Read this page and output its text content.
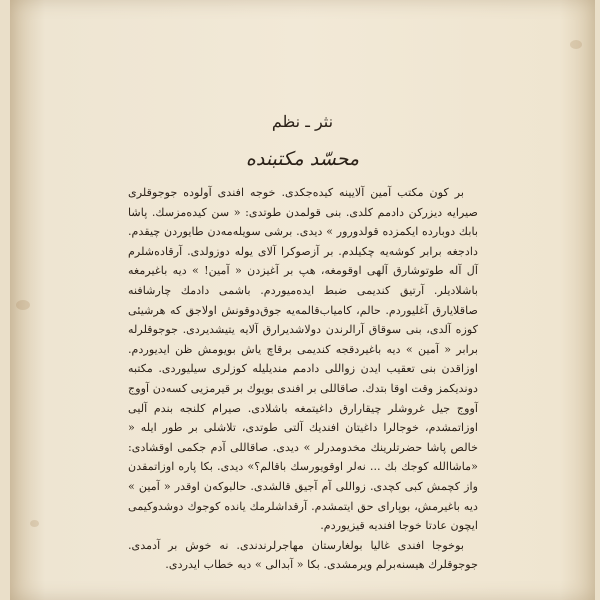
نثر ـ نظم
محسّد مکتبنده

بر كون مكتب آمين آلايينه كيده‌جكدى. خوجه افندى آولوده جوجوقلرى صيرايه ديزركن دادمم كلدى. بنى قولمدن طوتدى: « سن كيده‌مزسك. پاشا بابك دوبارده ايكمزده قولدورور » ديدى. برشى سويله‌مه‌دن طايوردن چيقدم. دادجغه برابر كوشه‌يه چكيلدم. بر آزصوكرا آلاى يوله دوزولدى. آرقاده‌شلرم آل آله طوتوشارق آلهى اوقومغه، هپ بر آغيزدن « آمين! » ديه باغيرمغه باشلاديلر. آرتيق كنديمى ضبط ايده‌ميوردم. باشمى دادمك چارشافنه صاقلايارق آغليوردم. حالم، كامياب‌قالمه‌يه جوق‌دوقونش اولاجق كه هرشيئى كوزه آلدى، بنى سوقاق آرالرندن دولاشديرارق آلايه يتيشديردى. جوجوقلرله برابر « آمين » ديه باغيردقجه كنديمى برقاچ ياش بويومش ظن ايديوردم. اوزاقدن بنى تعقيب ايدن زواللى دادمم منديليله كوزلرى سيليوردى. مكتبه دونديكمز وقت اوقا بتدك. صاقاللى بر افندى بويوك بر قيرمزيى كسه‌دن آووج آووج جيل غروشلر چيقارارق داغيتمغه باشلادى. صيرام كلنجه بندم آليى اوزاتمشدم، خوجالرا داغيتان افنديك آلتى طوتدى، تلاشلى بر طور ايله « خالص پاشا حضرتلرينك مخدومدرلر » ديدى. صاقاللى آدم جكمى اوقشادى: «ماشاالله كوجك بك ... نه‌لر اوقويورسك باقالم؟» ديدى. بكا پاره اوزاتمقدن واز كچمش كبى كچدى. زواللى آم آجيق قالشدى. حالبوكه‌ن اوقدر « آمين » ديه باغيرمش، بوپاراى حق ايتمشدم. آرقداشلرمك يانده كوجوك دوشدوكيمى ايچون عادتا خوجا افنديه قيزيوردم.

بوخوجا افندى غاليا بولغارستان مهاجرلرندندى. نه خوش بر آدمدى. جوجوقلرك هيسنه‌برلم ويرمشدى. بكا « آبدالى » ديه خطاب ايدردى.
